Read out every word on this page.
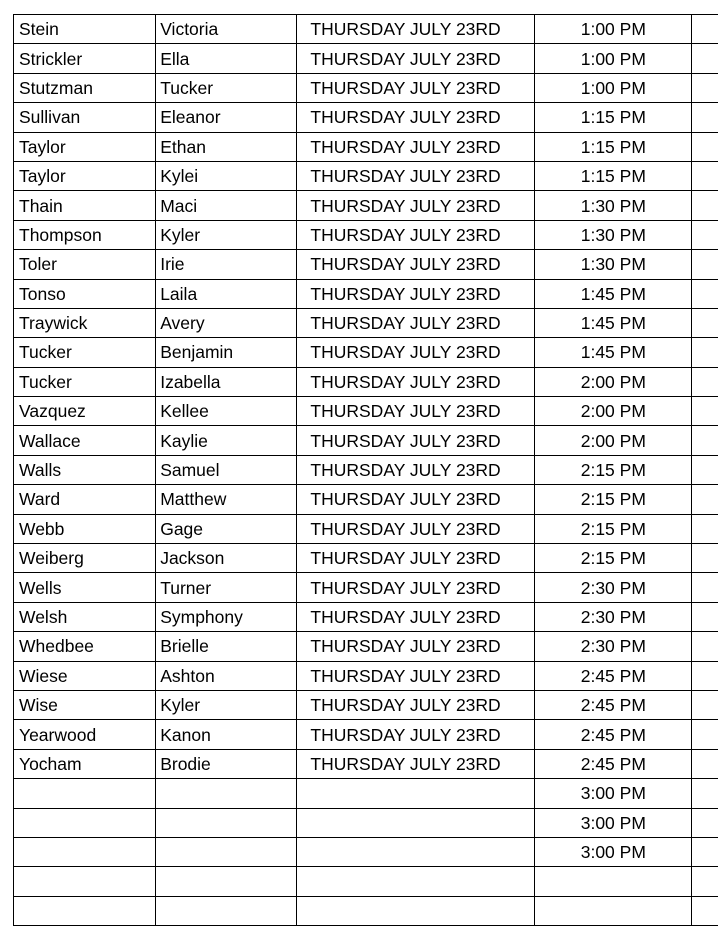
Stein	Victoria	THURSDAY JULY 23RD	1:00 PM	
Strickler	Ella	THURSDAY JULY 23RD	1:00 PM	
Stutzman	Tucker	THURSDAY JULY 23RD	1:00 PM	
Sullivan	Eleanor	THURSDAY JULY 23RD	1:15 PM	
Taylor	Ethan	THURSDAY JULY 23RD	1:15 PM	
Taylor	Kylei	THURSDAY JULY 23RD	1:15 PM	
Thain	Maci	THURSDAY JULY 23RD	1:30 PM	
Thompson	Kyler	THURSDAY JULY 23RD	1:30 PM	
Toler	Irie	THURSDAY JULY 23RD	1:30 PM	
Tonso	Laila	THURSDAY JULY 23RD	1:45 PM	
Traywick	Avery	THURSDAY JULY 23RD	1:45 PM	
Tucker	Benjamin	THURSDAY JULY 23RD	1:45 PM	
Tucker	Izabella	THURSDAY JULY 23RD	2:00 PM	
Vazquez	Kellee	THURSDAY JULY 23RD	2:00 PM	
Wallace	Kaylie	THURSDAY JULY 23RD	2:00 PM	
Walls	Samuel	THURSDAY JULY 23RD	2:15 PM	
Ward	Matthew	THURSDAY JULY 23RD	2:15 PM	
Webb	Gage	THURSDAY JULY 23RD	2:15 PM	
Weiberg	Jackson	THURSDAY JULY 23RD	2:15 PM	
Wells	Turner	THURSDAY JULY 23RD	2:30 PM	
Welsh	Symphony	THURSDAY JULY 23RD	2:30 PM	
Whedbee	Brielle	THURSDAY JULY 23RD	2:30 PM	
Wiese	Ashton	THURSDAY JULY 23RD	2:45 PM	
Wise	Kyler	THURSDAY JULY 23RD	2:45 PM	
Yearwood	Kanon	THURSDAY JULY 23RD	2:45 PM	
Yocham	Brodie	THURSDAY JULY 23RD	2:45 PM	
			3:00 PM	
			3:00 PM	
			3:00 PM	
